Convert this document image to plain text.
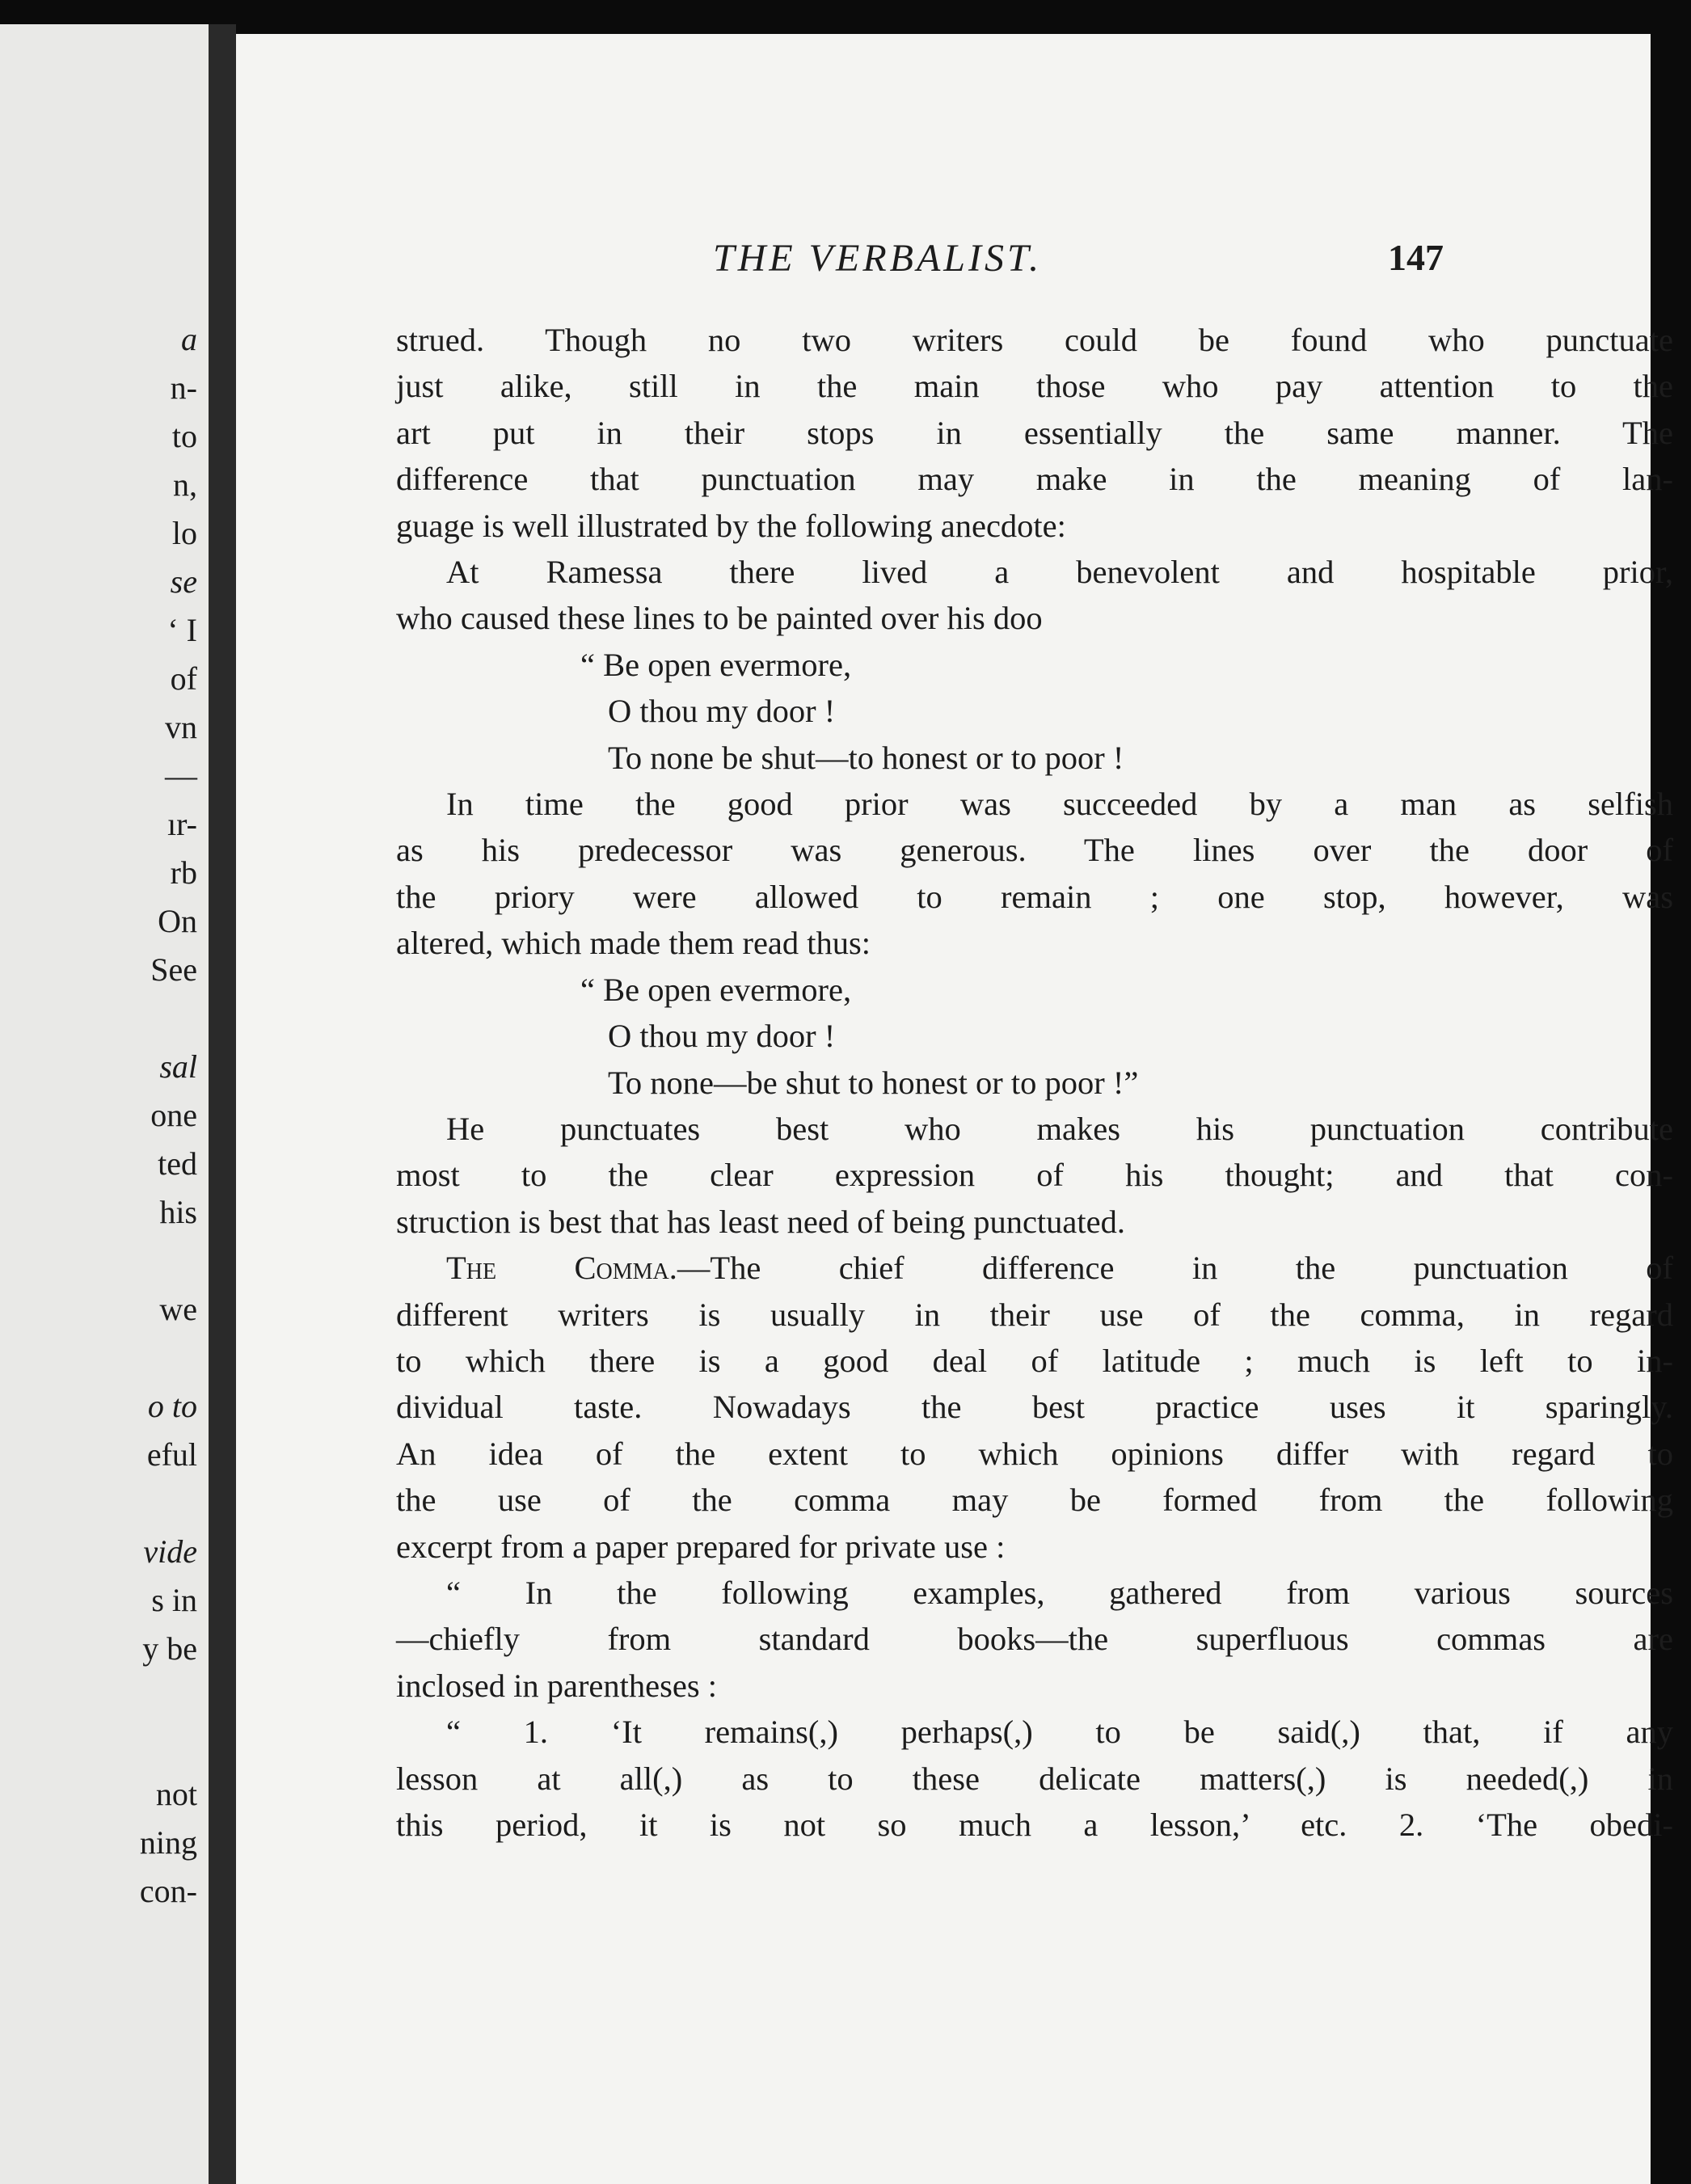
a
n-
to
n,
lo
se
‘ I
of
vn
—
ır-
rb
On
See
sal
one
ted
his
we
o to
eful
vide
s in
y be
not
ning
con-
THE VERBALIST.	147
strued. Though no two writers could be found who punctuate
just alike, still in the main those who pay attention to the
art put in their stops in essentially the same manner. The
difference that punctuation may make in the meaning of lan-
guage is well illustrated by the following anecdote:
At Ramessa there lived a benevolent and hospitable prior,
who caused these lines to be painted over his doo
“ Be open evermore,
O thou my door !
To none be shut—to honest or to poor !
In time the good prior was succeeded by a man as selfish
as his predecessor was generous. The lines over the door of
the priory were allowed to remain ; one stop, however, was
altered, which made them read thus:
“ Be open evermore,
O thou my door !
To none—be shut to honest or to poor !”
He punctuates best who makes his punctuation contribute
most to the clear expression of his thought; and that con-
struction is best that has least need of being punctuated.
The Comma.—The chief difference in the punctuation of
different writers is usually in their use of the comma, in regard
to which there is a good deal of latitude ; much is left to in-
dividual taste. Nowadays the best practice uses it sparingly.
An idea of the extent to which opinions differ with regard to
the use of the comma may be formed from the following
excerpt from a paper prepared for private use :
“ In the following examples, gathered from various sources
—chiefly from standard books—the superfluous commas are
inclosed in parentheses :
“ 1. ‘It remains(,) perhaps(,) to be said(,) that, if any
lesson at all(,) as to these delicate matters(,) is needed(,) in
this period, it is not so much a lesson,’ etc. 2. ‘The obedi-
